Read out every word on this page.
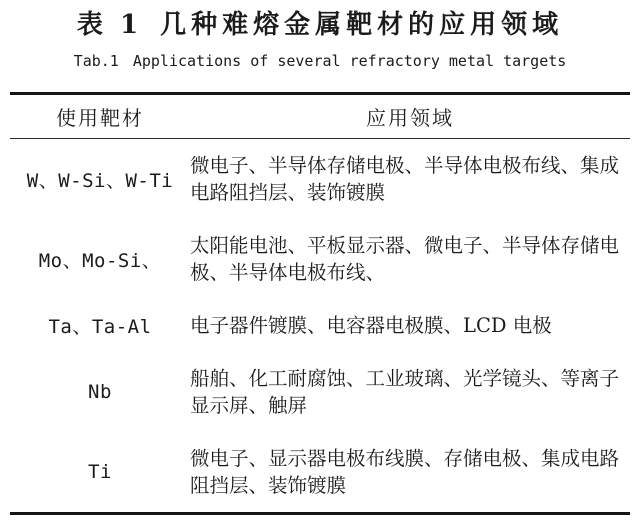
表 1 几种难熔金属靶材的应用领域
Tab.1 Applications of several refractory metal targets
使用靶材	应用领域
W、W-Si、W-Ti
微电子、半导体存储电极、半导体电极布线、集成电路阻挡层、装饰镀膜
Mo、Mo-Si、
太阳能电池、平板显示器、微电子、半导体存储电极、半导体电极布线、
Ta、Ta-Al	电子器件镀膜、电容器电极膜、LCD 电极
Nb
船舶、化工耐腐蚀、工业玻璃、光学镜头、等离子显示屏、触屏
Ti
微电子、显示器电极布线膜、存储电极、集成电路阻挡层、装饰镀膜
